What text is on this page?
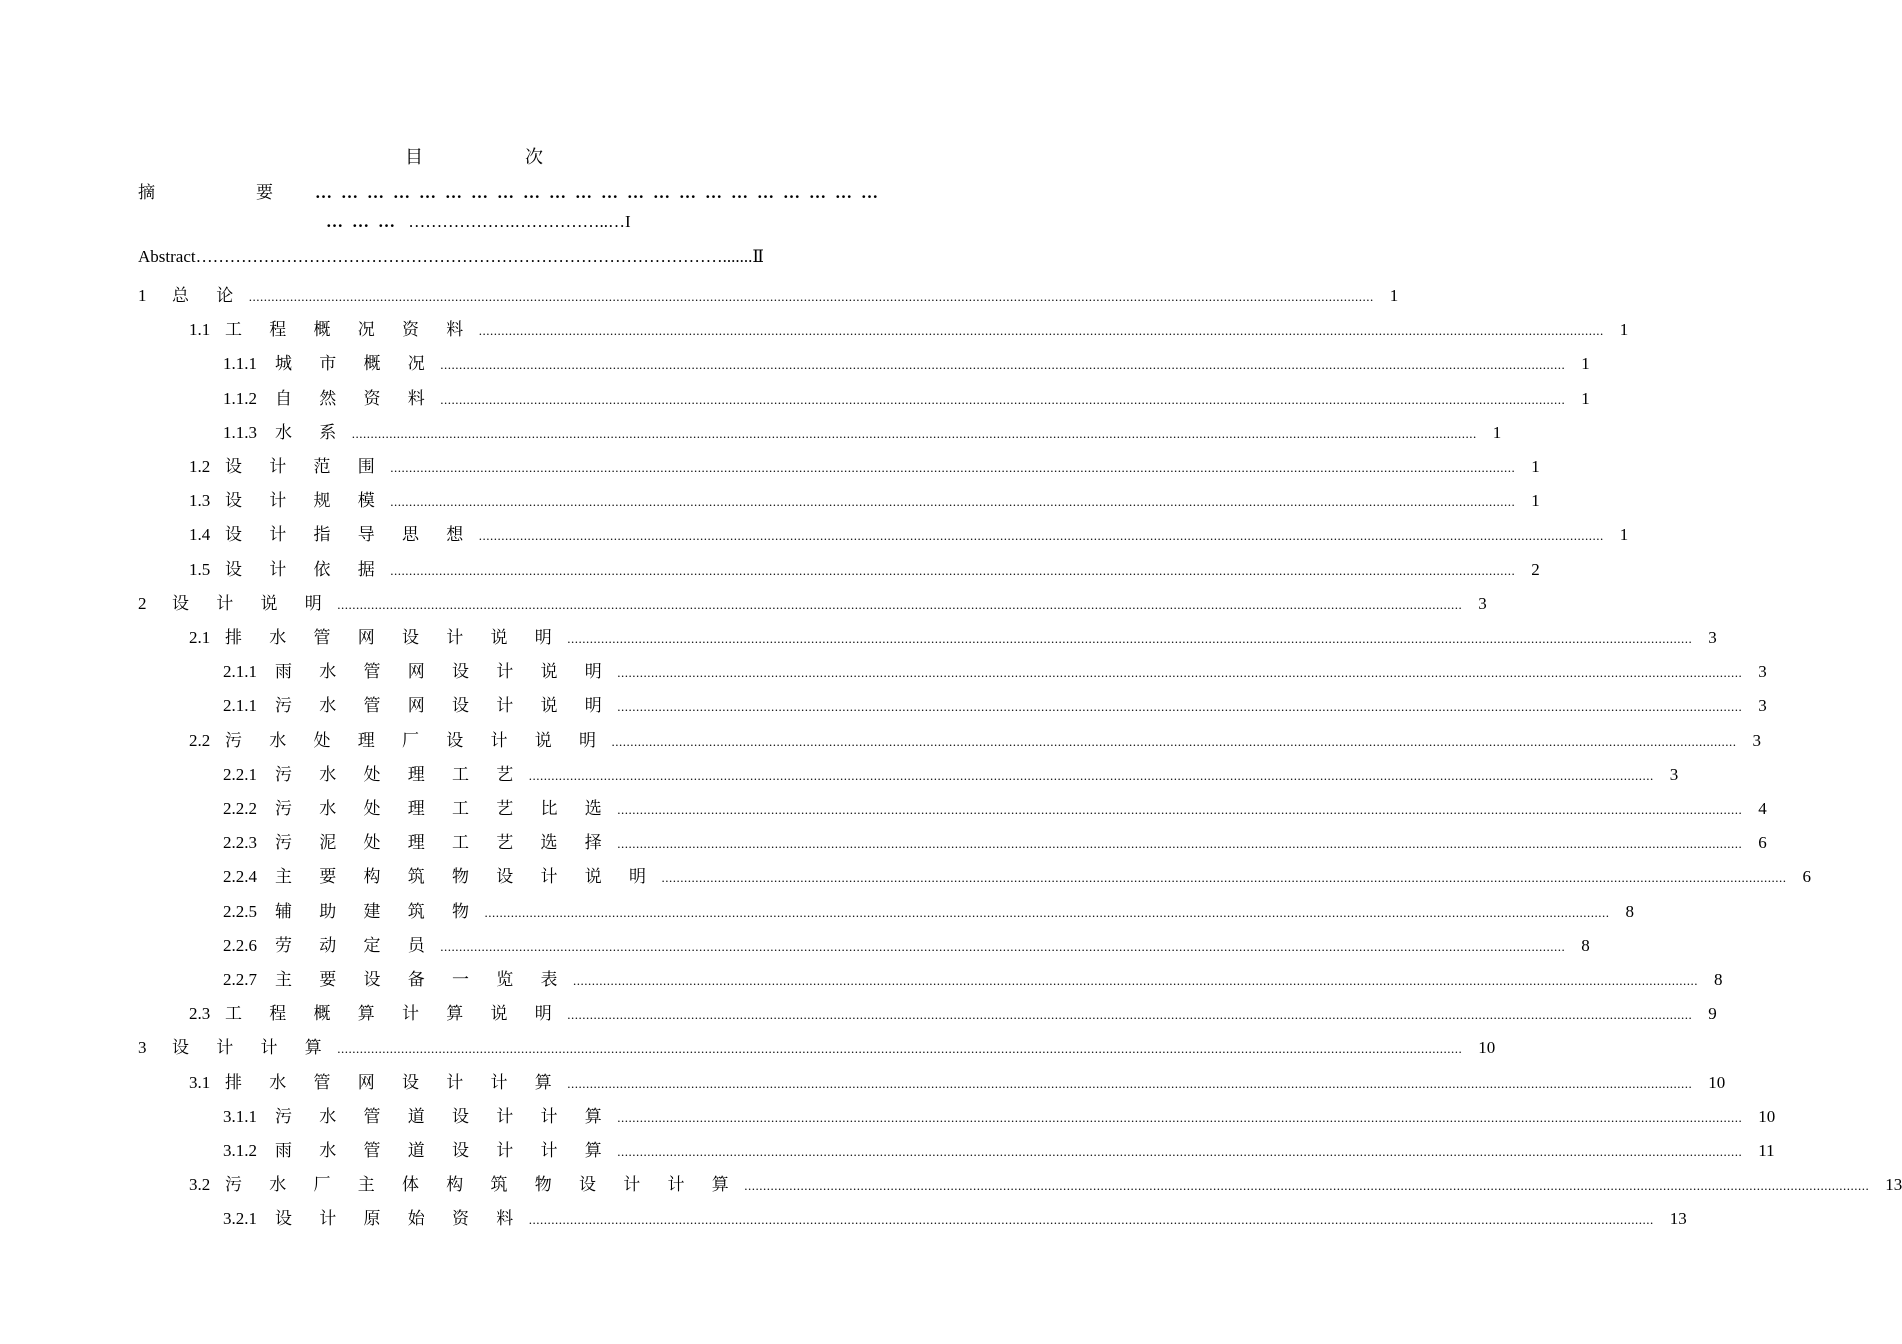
目　次
摘　要…………………………………………………………
……… ……………….……………..…I
Abstract………………………………………………………………………………….......Ⅱ
1	总 论 ............................................................................................................................................................................................................................................................................................................ 1
1.1 工 程 概 况 资 料 ............................................................................................................................................................................................................................................................................................................ 1
1.1.1	城 市 概 况 ............................................................................................................................................................................................................................................................................................................ 1
1.1.2	自 然 资 料 ............................................................................................................................................................................................................................................................................................................ 1
1.1.3	水 系 ............................................................................................................................................................................................................................................................................................................ 1
1.2 设 计 范 围 ............................................................................................................................................................................................................................................................................................................ 1
1.3 设 计 规 模 ............................................................................................................................................................................................................................................................................................................ 1
1.4 设 计 指 导 思 想 ............................................................................................................................................................................................................................................................................................................ 1
1.5 设 计 依 据 ............................................................................................................................................................................................................................................................................................................ 2
2	设 计 说 明 ............................................................................................................................................................................................................................................................................................................ 3
2.1 排 水 管 网 设 计 说 明 ............................................................................................................................................................................................................................................................................................................ 3
2.1.1	雨 水 管 网 设 计 说 明 ............................................................................................................................................................................................................................................................................................................ 3
2.1.1	污 水 管 网 设 计 说 明 ............................................................................................................................................................................................................................................................................................................ 3
2.2 污 水 处 理 厂 设 计 说 明 ............................................................................................................................................................................................................................................................................................................ 3
2.2.1	污 水 处 理 工 艺 ............................................................................................................................................................................................................................................................................................................ 3
2.2.2	污 水 处 理 工 艺 比 选 ............................................................................................................................................................................................................................................................................................................ 4
2.2.3	污 泥 处 理 工 艺 选 择 ............................................................................................................................................................................................................................................................................................................ 6
2.2.4	主 要 构 筑 物 设 计 说 明 ............................................................................................................................................................................................................................................................................................................ 6
2.2.5	辅 助 建 筑 物 ............................................................................................................................................................................................................................................................................................................ 8
2.2.6	劳 动 定 员 ............................................................................................................................................................................................................................................................................................................ 8
2.2.7	主 要 设 备 一 览 表 ............................................................................................................................................................................................................................................................................................................ 8
2.3 工 程 概 算 计 算 说 明 ............................................................................................................................................................................................................................................................................................................ 9
3	设 计 计 算 ............................................................................................................................................................................................................................................................................................................ 10
3.1 排 水 管 网 设 计 计 算 ............................................................................................................................................................................................................................................................................................................ 10
3.1.1	污 水 管 道 设 计 计 算 ............................................................................................................................................................................................................................................................................................................ 10
3.1.2	雨 水 管 道 设 计 计 算 ............................................................................................................................................................................................................................................................................................................ 11
3.2 污 水 厂 主 体 构 筑 物 设 计 计 算 ............................................................................................................................................................................................................................................................................................................ 13
3.2.1	设 计 原 始 资 料 ............................................................................................................................................................................................................................................................................................................ 13
